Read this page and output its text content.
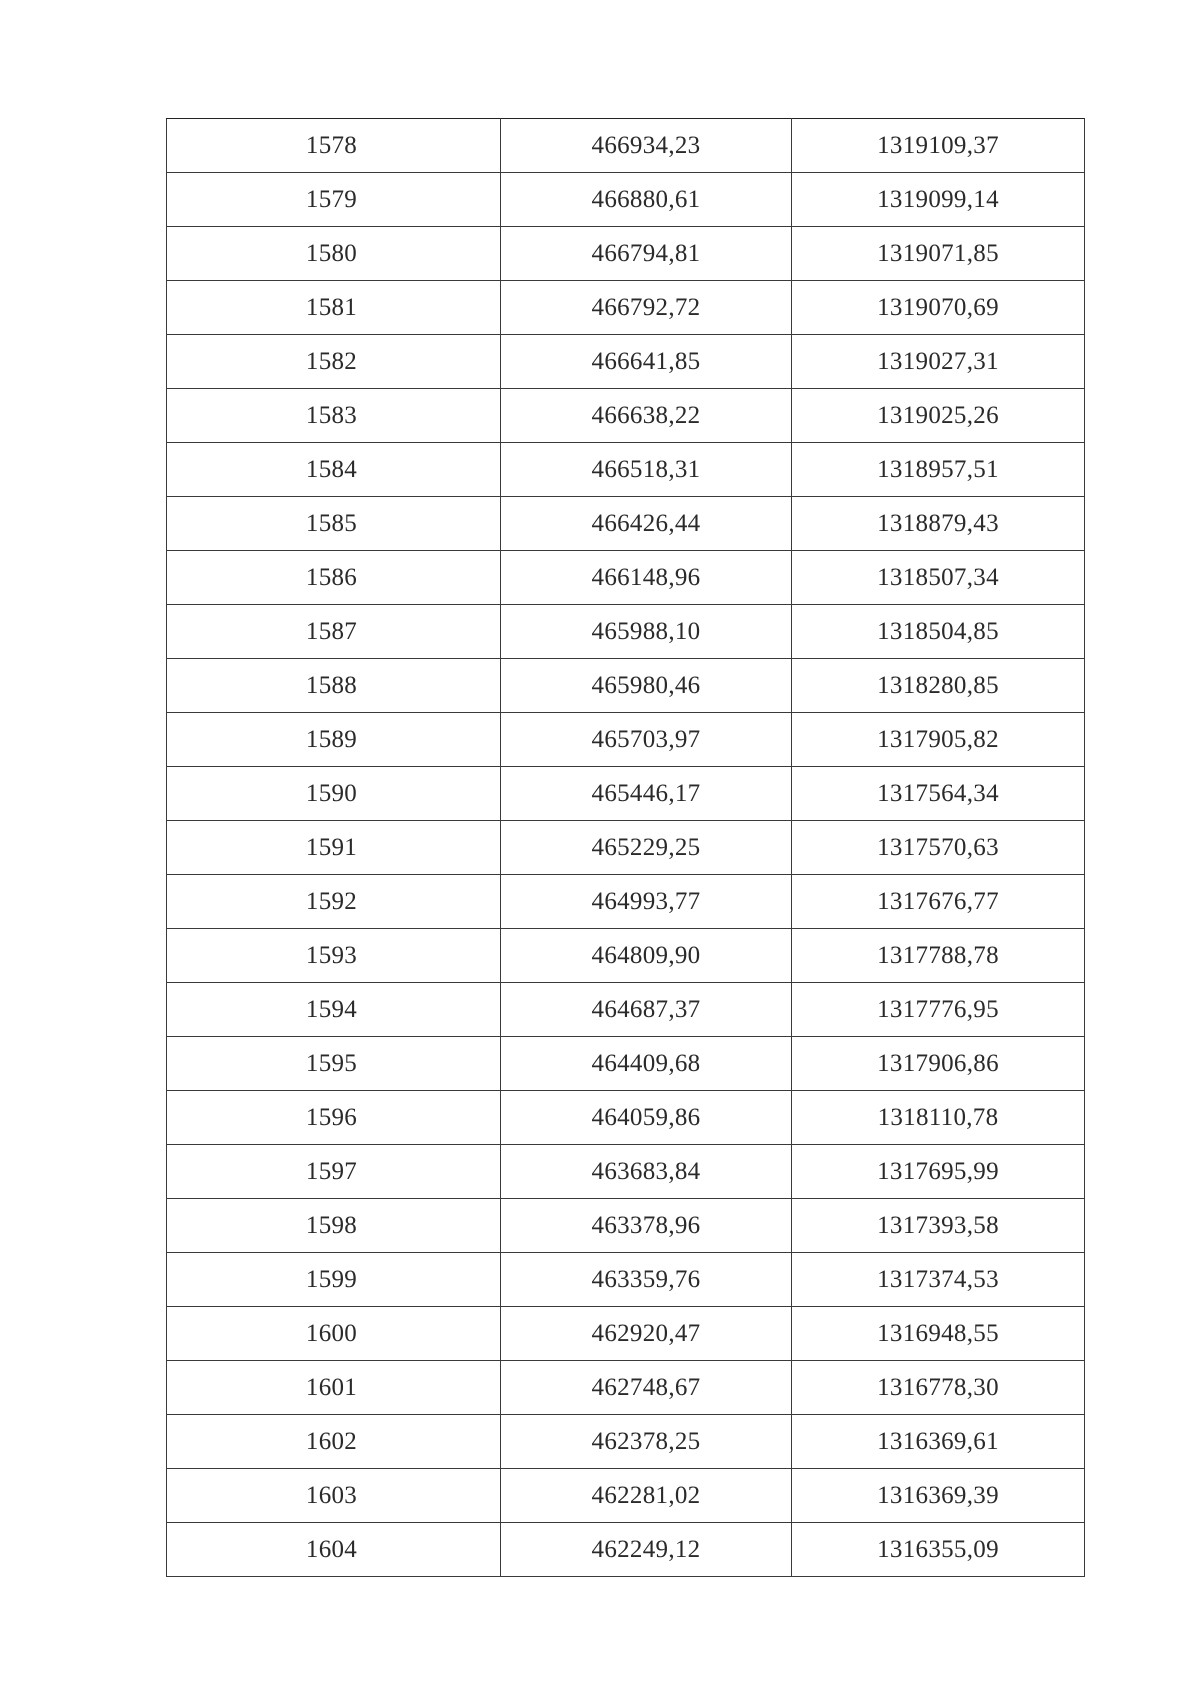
1578	466934,23	1319109,37
1579	466880,61	1319099,14
1580	466794,81	1319071,85
1581	466792,72	1319070,69
1582	466641,85	1319027,31
1583	466638,22	1319025,26
1584	466518,31	1318957,51
1585	466426,44	1318879,43
1586	466148,96	1318507,34
1587	465988,10	1318504,85
1588	465980,46	1318280,85
1589	465703,97	1317905,82
1590	465446,17	1317564,34
1591	465229,25	1317570,63
1592	464993,77	1317676,77
1593	464809,90	1317788,78
1594	464687,37	1317776,95
1595	464409,68	1317906,86
1596	464059,86	1318110,78
1597	463683,84	1317695,99
1598	463378,96	1317393,58
1599	463359,76	1317374,53
1600	462920,47	1316948,55
1601	462748,67	1316778,30
1602	462378,25	1316369,61
1603	462281,02	1316369,39
1604	462249,12	1316355,09
